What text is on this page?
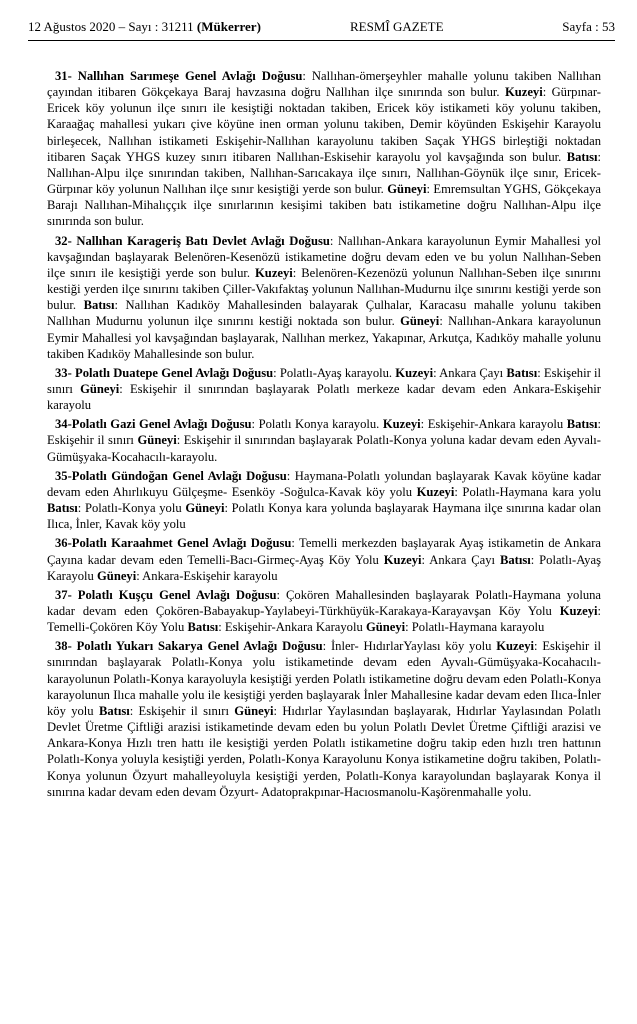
12 Ağustos 2020 – Sayı : 31211 (Mükerrer)	RESMÎ GAZETE	Sayfa : 53

31- Nallıhan Sarımeşe Genel Avlağı Doğusu: Nallıhan-ömerşeyhler mahalle yolunu takiben Nallıhan çayından itibaren Gökçekaya Baraj havzasına doğru Nallıhan ilçe sınırında son bulur. Kuzeyi: Gürpınar-Ericek köy yolunun ilçe sınırı ile kesiştiği noktadan takiben, Ericek köy istikameti köy yolunu takiben, Karaağaç mahallesi yukarı çive köyüne inen orman yolunu takiben, Demir köyünden Eskişehir Karayolu birleşecek, Nallıhan istikameti Eskişehir-Nallıhan karayolunu takiben Saçak YHGS birleştiği noktadan itibaren Saçak YHGS kuzey sınırı itibaren Nallıhan-Eskisehir karayolu yol kavşağında son bulur. Batısı: Nallıhan-Alpu ilçe sınırından takiben, Nallıhan-Sarıcakaya ilçe sınırı, Nallıhan-Göynük ilçe sınır, Ericek-Gürpınar köy yolunun Nallıhan ilçe sınır kesiştiği yerde son bulur. Güneyi: Emremsultan YGHS, Gökçekaya Barajı Nallıhan-Mihalıççık ilçe sınırlarının kesişimi takiben batı istikametine doğru Nallıhan-Alpu ilçe sınırında son bulur.

32- Nallıhan Karageriş Batı Devlet Avlağı Doğusu: Nallıhan-Ankara karayolunun Eymir Mahallesi yol kavşağından başlayarak Belenören-Kesenözü istikametine doğru devam eden ve bu yolun Nallıhan-Seben ilçe sınırı ile kesiştiği yerde son bulur. Kuzeyi: Belenören-Kezenözü yolunun Nallıhan-Seben ilçe sınırını kestiği yerden ilçe sınırını takiben Çiller-Vakıfaktaş yolunun Nallıhan-Mudurnu ilçe sınırını kestiği yerde son bulur. Batısı: Nallıhan Kadıköy Mahallesinden balayarak Çulhalar, Karacasu mahalle yolunu takiben Nallıhan Mudurnu yolunun ilçe sınırını kestiği noktada son bulur. Güneyi: Nallıhan-Ankara karayolunun Eymir Mahallesi yol kavşağından başlayarak, Nallıhan merkez, Yakapınar, Arkutça, Kadıköy mahalle yolunu takiben Kadıköy Mahallesinde son bulur.

33- Polatlı Duatepe Genel Avlağı Doğusu: Polatlı-Ayaş karayolu. Kuzeyi: Ankara Çayı Batısı: Eskişehir il sınırı Güneyi: Eskişehir il sınırından başlayarak Polatlı merkeze kadar devam eden Ankara-Eskişehir karayolu

34-Polatlı Gazi Genel Avlağı Doğusu: Polatlı Konya karayolu. Kuzeyi: Eskişehir-Ankara karayolu Batısı: Eskişehir il sınırı Güneyi: Eskişehir il sınırından başlayarak Polatlı-Konya yoluna kadar devam eden Ayvalı-Gümüşyaka-Kocahacılı-karayolu.

35-Polatlı Gündoğan Genel Avlağı Doğusu: Haymana-Polatlı yolundan başlayarak Kavak köyüne kadar devam eden Ahırlıkuyu Gülçeşme- Esenköy -Soğulca-Kavak köy yolu Kuzeyi: Polatlı-Haymana kara yolu Batısı: Polatlı-Konya yolu Güneyi: Polatlı Konya kara yolunda başlayarak Haymana ilçe sınırına kadar olan Ilıca, İnler, Kavak köy yolu

36-Polatlı Karaahmet Genel Avlağı Doğusu: Temelli merkezden başlayarak Ayaş istikametin de Ankara Çayına kadar devam eden Temelli-Bacı-Girmeç-Ayaş Köy Yolu Kuzeyi: Ankara Çayı Batısı: Polatlı-Ayaş Karayolu Güneyi: Ankara-Eskişehir karayolu

37- Polatlı Kuşçu Genel Avlağı Doğusu: Çokören Mahallesinden başlayarak Polatlı-Haymana yoluna kadar devam eden Çokören-Babayakup-Yaylabeyi-Türkhüyük-Karakaya-Karayavşan Köy Yolu Kuzeyi: Temelli-Çokören Köy Yolu Batısı: Eskişehir-Ankara Karayolu Güneyi: Polatlı-Haymana karayolu

38- Polatlı Yukarı Sakarya Genel Avlağı Doğusu: İnler- HıdırlarYaylası köy yolu Kuzeyi: Eskişehir il sınırından başlayarak Polatlı-Konya yolu istikametinde devam eden Ayvalı-Gümüşyaka-Kocahacılı-karayolunun Polatlı-Konya karayoluyla kesiştiği yerden Polatlı istikametine doğru devam eden Polatlı-Konya karayolunun Ilıca mahalle yolu ile kesiştiği yerden başlayarak İnler Mahallesine kadar devam eden Ilıca-İnler köy yolu Batısı: Eskişehir il sınırı Güneyi: Hıdırlar Yaylasından başlayarak, Hıdırlar Yaylasından Polatlı Devlet Üretme Çiftliği arazisi istikametinde devam eden bu yolun Polatlı Devlet Üretme Çiftliği arazisi ve Ankara-Konya Hızlı tren hattı ile kesiştiği yerden Polatlı istikametine doğru takip eden hızlı tren hattının Polatlı-Konya yoluyla kesiştiği yerden, Polatlı-Konya Karayolunu Konya istikametine doğru takiben, Polatlı-Konya yolunun Özyurt mahalleyoluyla kesiştiği yerden, Polatlı-Konya karayolundan başlayarak Konya il sınırına kadar devam eden devam Özyurt- Adatoprakpınar-Hacıosmanolu-Kaşörenmahalle yolu.
